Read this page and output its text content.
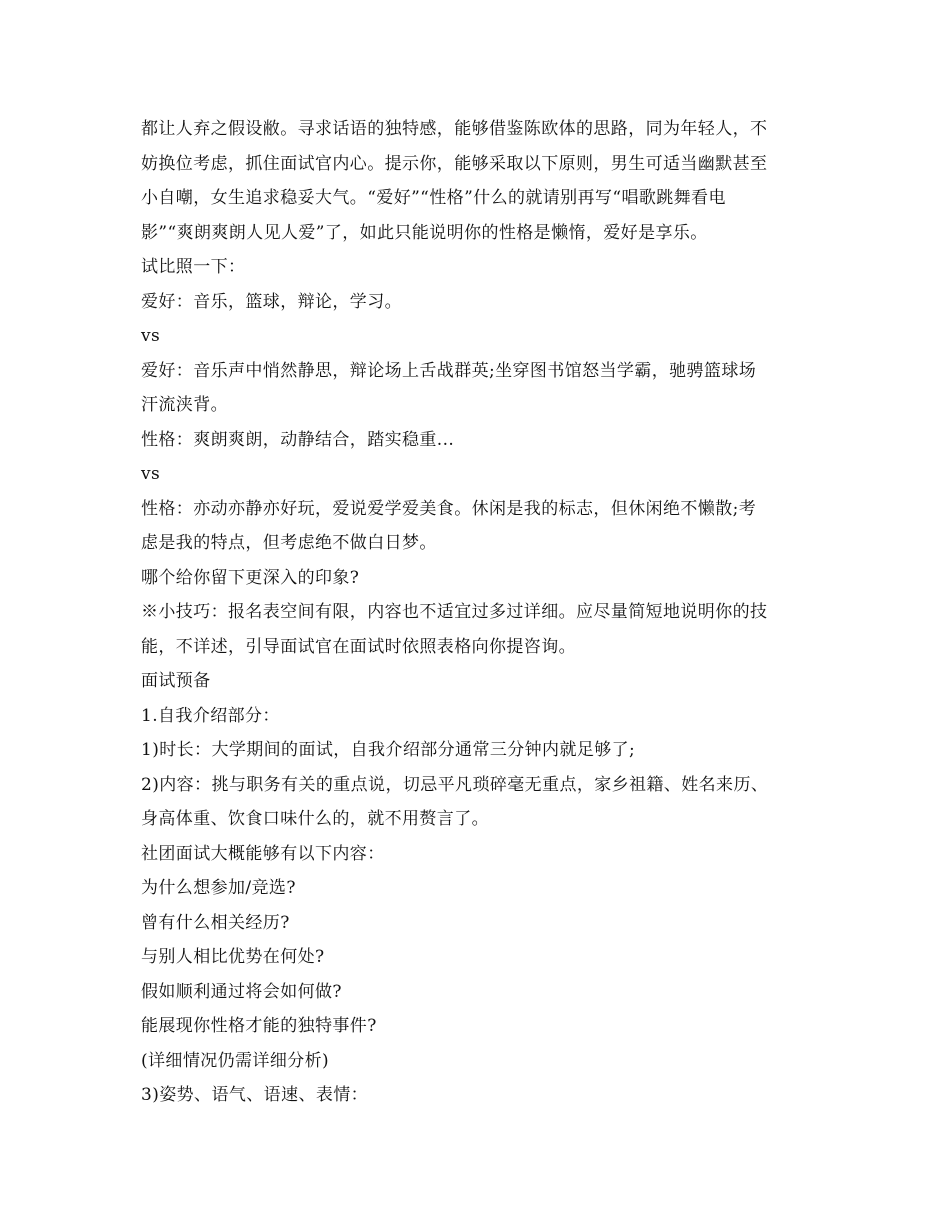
都让人弃之假设敝。寻求话语的独特感，能够借鉴陈欧体的思路，同为年轻人，不

妨换位考虑，抓住面试官内心。提示你，能够采取以下原则，男生可适当幽默甚至

小自嘲，女生追求稳妥大气。“爱好”“性格”什么的就请别再写“唱歌跳舞看电

影”“爽朗爽朗人见人爱”了，如此只能说明你的性格是懒惰，爱好是享乐。

试比照一下：

爱好：音乐，篮球，辩论，学习。

vs

爱好：音乐声中悄然静思，辩论场上舌战群英;坐穿图书馆怒当学霸，驰骋篮球场

汗流浃背。

性格：爽朗爽朗，动静结合，踏实稳重...

vs

性格：亦动亦静亦好玩，爱说爱学爱美食。休闲是我的标志，但休闲绝不懒散;考

虑是我的特点，但考虑绝不做白日梦。

哪个给你留下更深入的印象?

※小技巧：报名表空间有限，内容也不适宜过多过详细。应尽量简短地说明你的技

能，不详述，引导面试官在面试时依照表格向你提咨询。

面试预备

1.自我介绍部分：

1)时长：大学期间的面试，自我介绍部分通常三分钟内就足够了;

2)内容：挑与职务有关的重点说，切忌平凡琐碎毫无重点，家乡祖籍、姓名来历、

身高体重、饮食口味什么的，就不用赘言了。

社团面试大概能够有以下内容：

为什么想参加/竞选?

曾有什么相关经历?

与别人相比优势在何处?

假如顺利通过将会如何做?

能展现你性格才能的独特事件?

(详细情况仍需详细分析)

3)姿势、语气、语速、表情：
